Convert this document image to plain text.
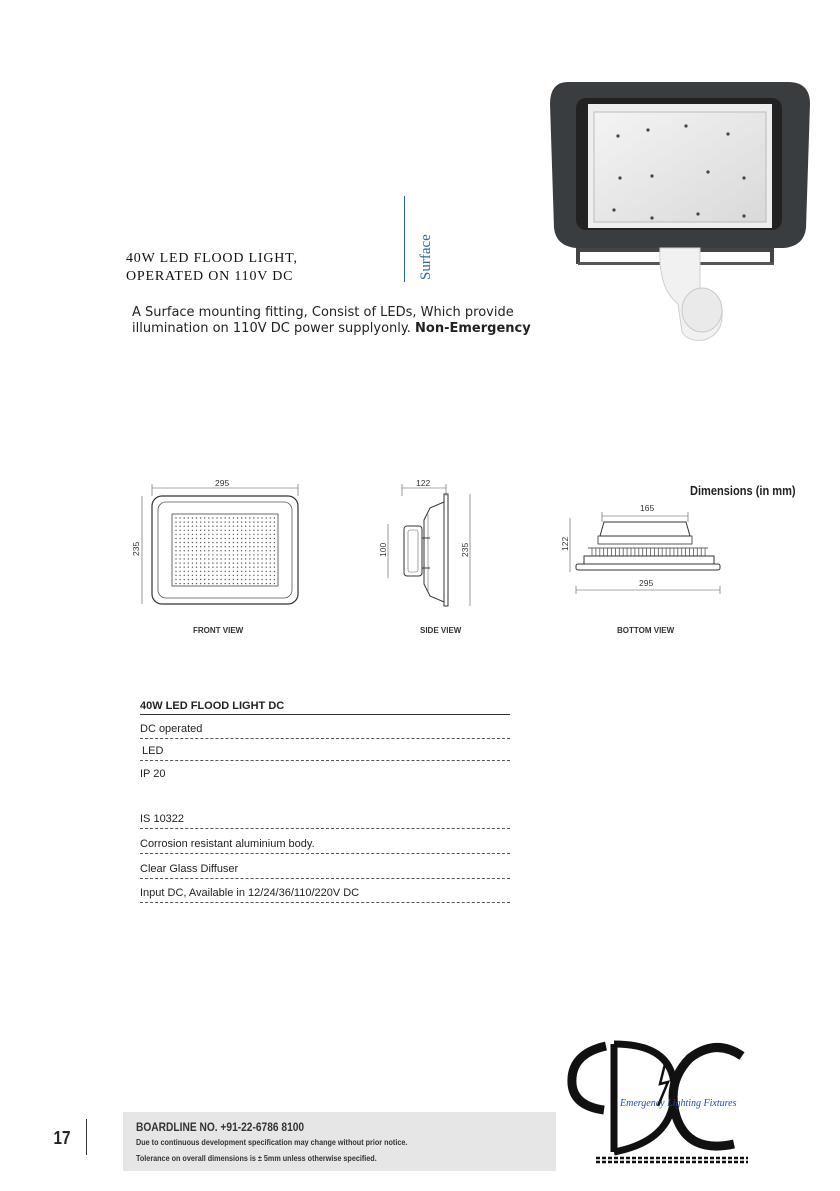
40W LED FLOOD LIGHT,
OPERATED ON 110V DC	Surface
A Surface mounting fitting, Consist of LEDs, Which provide illumination on 110V DC power supplyonly. Non-Emergency
Dimensions (in mm)
295
235
FRONT VIEW
122
100	235
SIDE VIEW
165
122
295
BOTTOM VIEW
40W LED FLOOD LIGHT DC
DC operated
LED
IP 20
IS 10322
Corrosion resistant aluminium body.
Clear Glass Diffuser
Input DC, Available in 12/24/36/110/220V DC
Emergency Lighting Fixtures
17
BOARDLINE NO. +91-22-6786 8100
Due to continuous development specification may change without prior notice.
Tolerance on overall dimensions is ± 5mm unless otherwise specified.
